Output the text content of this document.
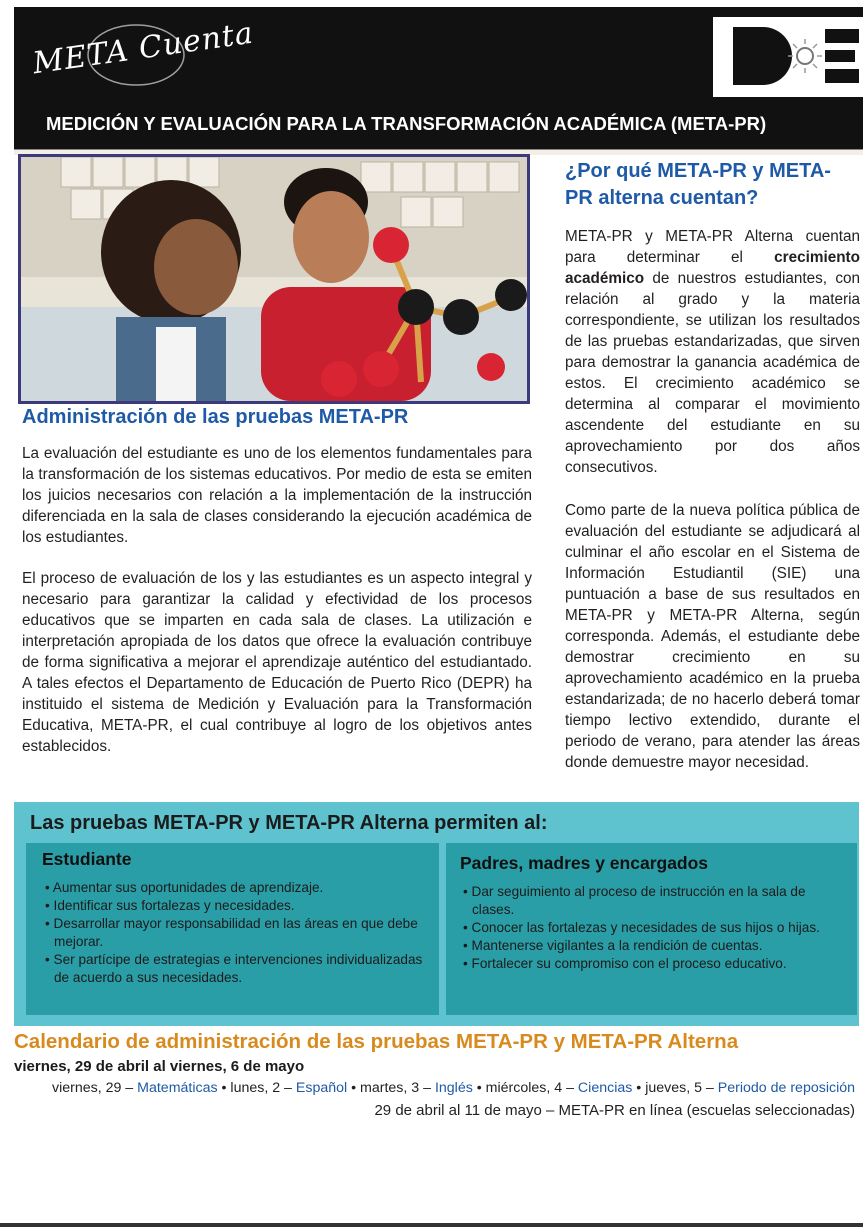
META Cuenta
MEDICIÓN Y EVALUACIÓN PARA LA TRANSFORMACIÓN ACADÉMICA (META-PR)
Administración de las pruebas META-PR

La evaluación del estudiante es uno de los elementos fundamentales para la transformación de los sistemas educativos. Por medio de esta se emiten los juicios necesarios con relación a la implementación de la instrucción diferenciada en la sala de clases considerando la ejecución académica de los estudiantes.

El proceso de evaluación de los y las estudiantes es un aspecto integral y necesario para garantizar la calidad y efectividad de los procesos educativos que se imparten en cada sala de clases. La utilización e interpretación apropiada de los datos que ofrece la evaluación contribuye de forma significativa a mejorar el aprendizaje auténtico del estudiantado. A tales efectos el Departamento de Educación de Puerto Rico (DEPR) ha instituido el sistema de Medición y Evaluación para la Transformación Educativa, META-PR, el cual contribuye al logro de los objetivos antes establecidos.

¿Por qué META-PR y META-PR alterna cuentan?

META-PR y META-PR Alterna cuentan para determinar el crecimiento académico de nuestros estudiantes, con relación al grado y la materia correspondiente, se utilizan los resultados de las pruebas estandarizadas, que sirven para demostrar la ganancia académica de estos. El crecimiento académico se determina al comparar el movimiento ascendente del estudiante en su aprovechamiento por dos años consecutivos.

Como parte de la nueva política pública de evaluación del estudiante se adjudicará al culminar el año escolar en el Sistema de Información Estudiantil (SIE) una puntuación a base de sus resultados en META-PR y META-PR Alterna, según corresponda. Además, el estudiante debe demostrar crecimiento en su aprovechamiento académico en la prueba estandarizada; de no hacerlo deberá tomar tiempo lectivo extendido, durante el periodo de verano, para atender las áreas donde demuestre mayor necesidad.

Las pruebas META-PR y META-PR Alterna permiten al:
Estudiante
• Aumentar sus oportunidades de aprendizaje.
• Identificar sus fortalezas y necesidades.
• Desarrollar mayor responsabilidad en las áreas en que debe mejorar.
• Ser partícipe de estrategias e intervenciones individualizadas de acuerdo a sus necesidades.
Padres, madres y encargados
• Dar seguimiento al proceso de instrucción en la sala de clases.
• Conocer las fortalezas y necesidades de sus hijos o hijas.
• Mantenerse vigilantes a la rendición de cuentas.
• Fortalecer su compromiso con el proceso educativo.
Calendario de administración de las pruebas META-PR y META-PR Alterna
viernes, 29 de abril al viernes, 6 de mayo
viernes, 29 – Matemáticas • lunes, 2 – Español • martes, 3 – Inglés • miércoles, 4 – Ciencias • jueves, 5 – Periodo de reposición
29 de abril al 11 de mayo – META-PR en línea (escuelas seleccionadas)
